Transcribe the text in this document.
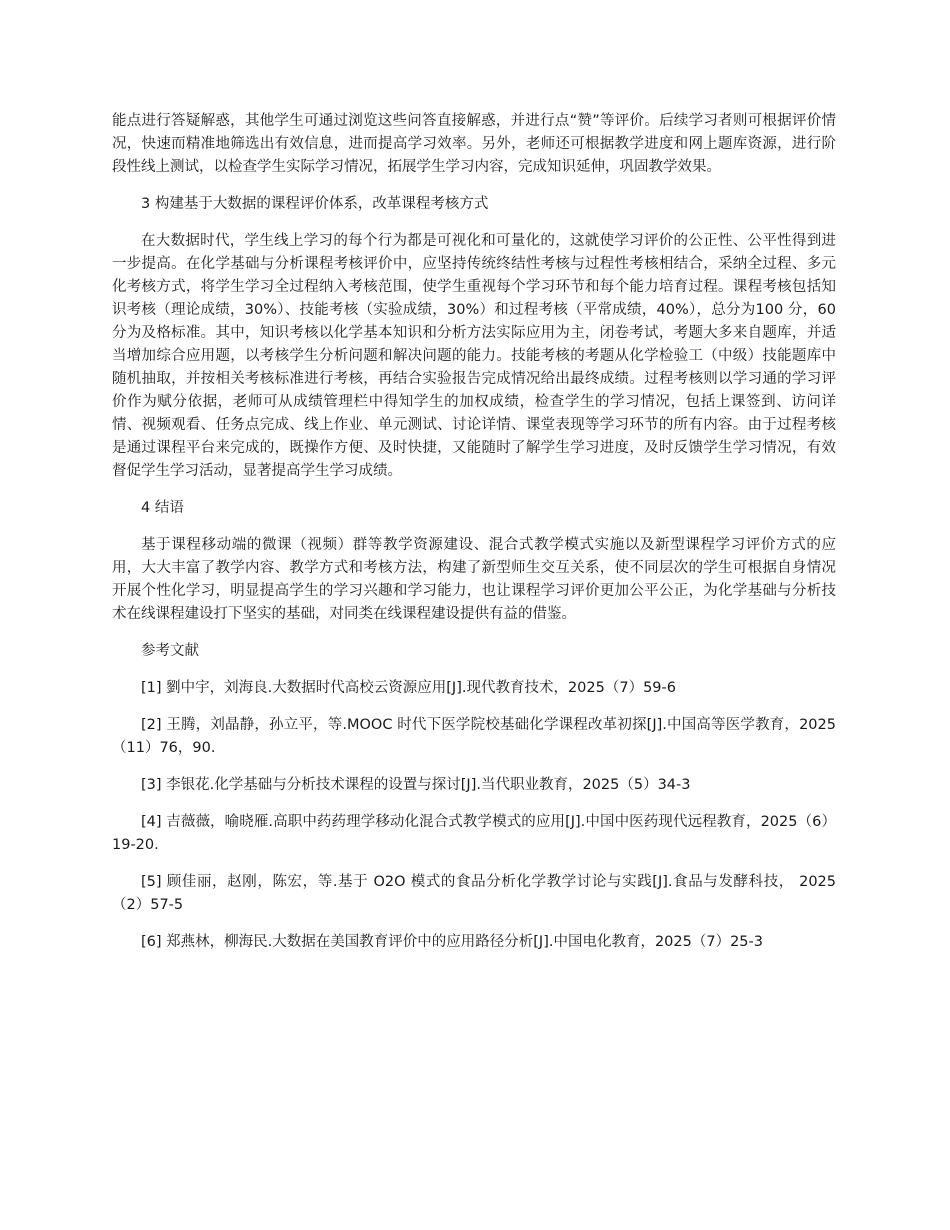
能点进行答疑解惑，其他学生可通过浏览这些问答直接解惑，并进行点“赞”等评价。后续学习者则可根据评价情况，快速而精准地筛选出有效信息，进而提高学习效率。另外，老师还可根据教学进度和网上题库资源，进行阶段性线上测试，以检查学生实际学习情况，拓展学生学习内容，完成知识延伸，巩固教学效果。

3 构建基于大数据的课程评价体系，改革课程考核方式

在大数据时代，学生线上学习的每个行为都是可视化和可量化的，这就使学习评价的公正性、公平性得到进一步提高。在化学基础与分析课程考核评价中，应坚持传统终结性考核与过程性考核相结合，采纳全过程、多元化考核方式，将学生学习全过程纳入考核范围，使学生重视每个学习环节和每个能力培育过程。课程考核包括知识考核（理论成绩，30%）、技能考核（实验成绩，30%）和过程考核（平常成绩，40%），总分为100 分，60 分为及格标准。其中，知识考核以化学基本知识和分析方法实际应用为主，闭卷考试，考题大多来自题库，并适当增加综合应用题，以考核学生分析问题和解决问题的能力。技能考核的考题从化学检验工（中级）技能题库中随机抽取，并按相关考核标准进行考核，再结合实验报告完成情况给出最终成绩。过程考核则以学习通的学习评价作为赋分依据，老师可从成绩管理栏中得知学生的加权成绩，检查学生的学习情况，包括上课签到、访问详情、视频观看、任务点完成、线上作业、单元测试、讨论详情、课堂表现等学习环节的所有内容。由于过程考核是通过课程平台来完成的，既操作方便、及时快捷，又能随时了解学生学习进度，及时反馈学生学习情况，有效督促学生学习活动，显著提高学生学习成绩。

4 结语

基于课程移动端的微课（视频）群等教学资源建设、混合式教学模式实施以及新型课程学习评价方式的应用，大大丰富了教学内容、教学方式和考核方法，构建了新型师生交互关系，使不同层次的学生可根据自身情况开展个性化学习，明显提高学生的学习兴趣和学习能力，也让课程学习评价更加公平公正，为化学基础与分析技术在线课程建设打下坚实的基础，对同类在线课程建设提供有益的借鉴。

参考文献

[1] 劉中宇，刘海良.大数据时代高校云资源应用[J].现代教育技术，2025（7）59-6

[2] 王腾，刘晶静，孙立平，等.MOOC 时代下医学院校基础化学课程改革初探[J].中国高等医学教育，2025（11）76，90.

[3] 李银花.化学基础与分析技术课程的设置与探讨[J].当代职业教育，2025（5）34-3

[4] 吉薇薇，喻晓雁.高职中药药理学移动化混合式教学模式的应用[J].中国中医药现代远程教育，2025（6）19-20.

[5] 顾佳丽，赵刚，陈宏，等.基于 O2O 模式的食品分析化学教学讨论与实践[J].食品与发酵科技， 2025（2）57-5

[6] 郑燕林，柳海民.大数据在美国教育评价中的应用路径分析[J].中国电化教育，2025（7）25-3
